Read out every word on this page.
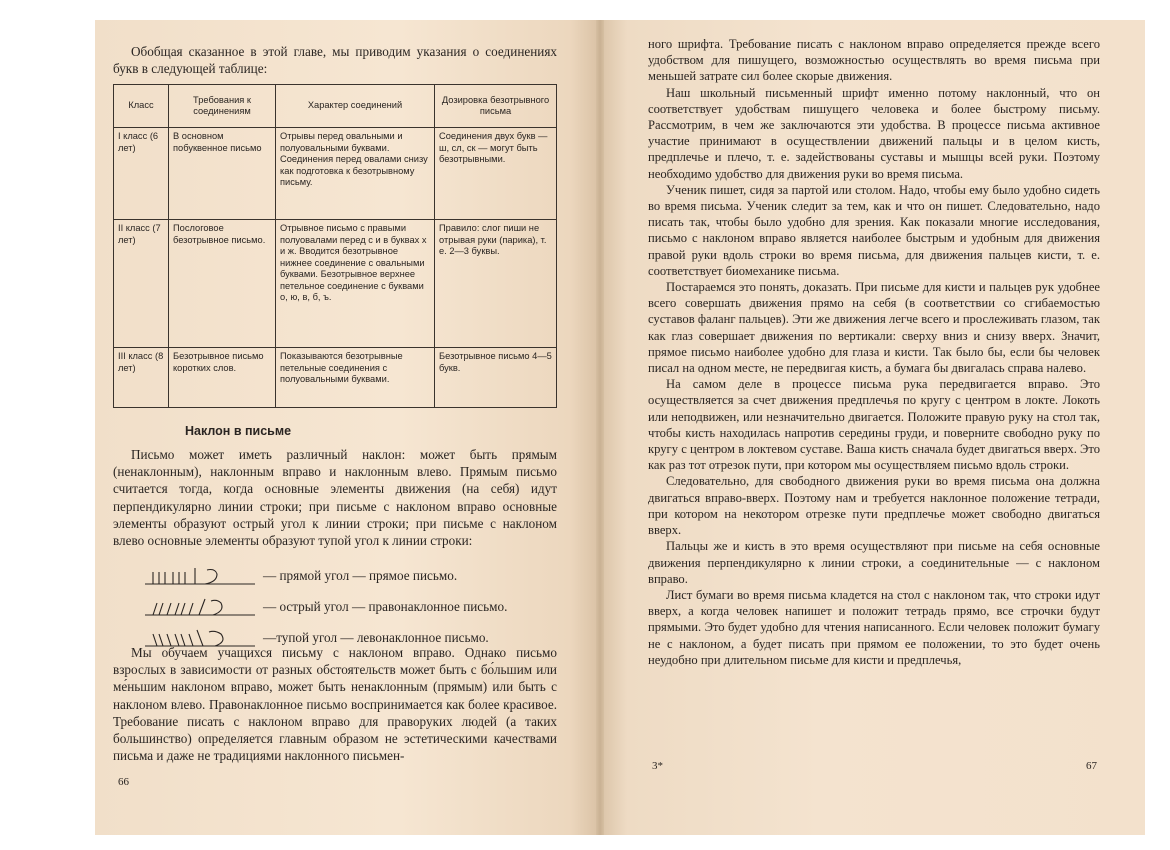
Обобщая сказанное в этой главе, мы приводим указания о соединениях букв в следующей таблице:

Класс	Требования к соединениям	Характер соединений	Дозировка безотрывного письма
I класс (6 лет)	В основном побуквенное письмо	Отрывы перед овальными и полуовальными буквами. Соединения перед овалами снизу как подготовка к безотрывному письму.	Соединения двух букв — ш, сл, ск — могут быть безотрывными.
II класс (7 лет)	Послоговое безотрывное письмо.	Отрывное письмо с правыми полуовалами перед с и в буквах х и ж. Вводится безотрывное нижнее соединение с овальными буквами. Безотрывное верхнее петельное соединение с буквами о, ю, в, б, ъ.	Правило: слог пиши не отрывая руки (парика), т. е. 2—3 буквы.
III класс (8 лет)	Безотрывное письмо коротких слов.	Показываются безотрывные петельные соединения с полуовальными буквами.	Безотрывное письмо 4—5 букв.
Наклон в письме

Письмо может иметь различный наклон: может быть прямым (ненаклонным), наклонным вправо и наклонным влево. Прямым письмо считается тогда, когда основные элементы движения (на себя) идут перпендикулярно линии строки; при письме с наклоном вправо основные элементы образуют острый угол к линии строки; при письме с наклоном влево основные элементы образуют тупой угол к линии строки:

— прямой угол — прямое письмо.
— острый угол — правонаклонное письмо.
—тупой угол — левонаклонное письмо.

Мы обучаем учащихся письму с наклоном вправо. Однако письмо взрослых в зависимости от разных обстоятельств может быть с бо́льшим или ме́ньшим наклоном вправо, может быть ненаклонным (прямым) или быть с наклоном влево. Правонаклонное письмо воспринимается как более красивое. Требование писать с наклоном вправо для праворуких людей (а таких большинство) определяется главным образом не эстетическими качествами письма и даже не традициями наклонного письмен-

66

ного шрифта. Требование писать с наклоном вправо определяется прежде всего удобством для пишущего, возможностью осуществлять во время письма при меньшей затрате сил более скорые движения.

Наш школьный письменный шрифт именно потому наклонный, что он соответствует удобствам пишущего человека и более быстрому письму. Рассмотрим, в чем же заключаются эти удобства. В процессе письма активное участие принимают в осуществлении движений пальцы и в целом кисть, предплечье и плечо, т. е. задействованы суставы и мышцы всей руки. Поэтому необходимо удобство для движения руки во время письма.

Ученик пишет, сидя за партой или столом. Надо, чтобы ему было удобно сидеть во время письма. Ученик следит за тем, как и что он пишет. Следовательно, надо писать так, чтобы было удобно для зрения. Как показали многие исследования, письмо с наклоном вправо является наиболее быстрым и удобным для движения правой руки вдоль строки во время письма, для движения пальцев кисти, т. е. соответствует биомеханике письма.

Постараемся это понять, доказать. При письме для кисти и пальцев рук удобнее всего совершать движения прямо на себя (в соответствии со сгибаемостью суставов фаланг пальцев). Эти же движения легче всего и прослеживать глазом, так как глаз совершает движения по вертикали: сверху вниз и снизу вверх. Значит, прямое письмо наиболее удобно для глаза и кисти. Так было бы, если бы человек писал на одном месте, не передвигая кисть, а бумага бы двигалась справа налево.

На самом деле в процессе письма рука передвигается вправо. Это осуществляется за счет движения предплечья по кругу с центром в локте. Локоть или неподвижен, или незначительно двигается. Положите правую руку на стол так, чтобы кисть находилась напротив середины груди, и поверните свободно руку по кругу с центром в локтевом суставе. Ваша кисть сначала будет двигаться вверх. Это как раз тот отрезок пути, при котором мы осуществляем письмо вдоль строки.

Следовательно, для свободного движения руки во время письма она должна двигаться вправо-вверх. Поэтому нам и требуется наклонное положение тетради, при котором на некотором отрезке пути предплечье может свободно двигаться вверх.

Пальцы же и кисть в это время осуществляют при письме на себя основные движения перпендикулярно к линии строки, а соединительные — с наклоном вправо.

Лист бумаги во время письма кладется на стол с наклоном так, что строки идут вверх, а когда человек напишет и положит тетрадь прямо, все строчки будут прямыми. Это будет удобно для чтения написанного. Если человек положит бумагу не с наклоном, а будет писать при прямом ее положении, то это будет очень неудобно при длительном письме для кисти и предплечья,

3*	67
